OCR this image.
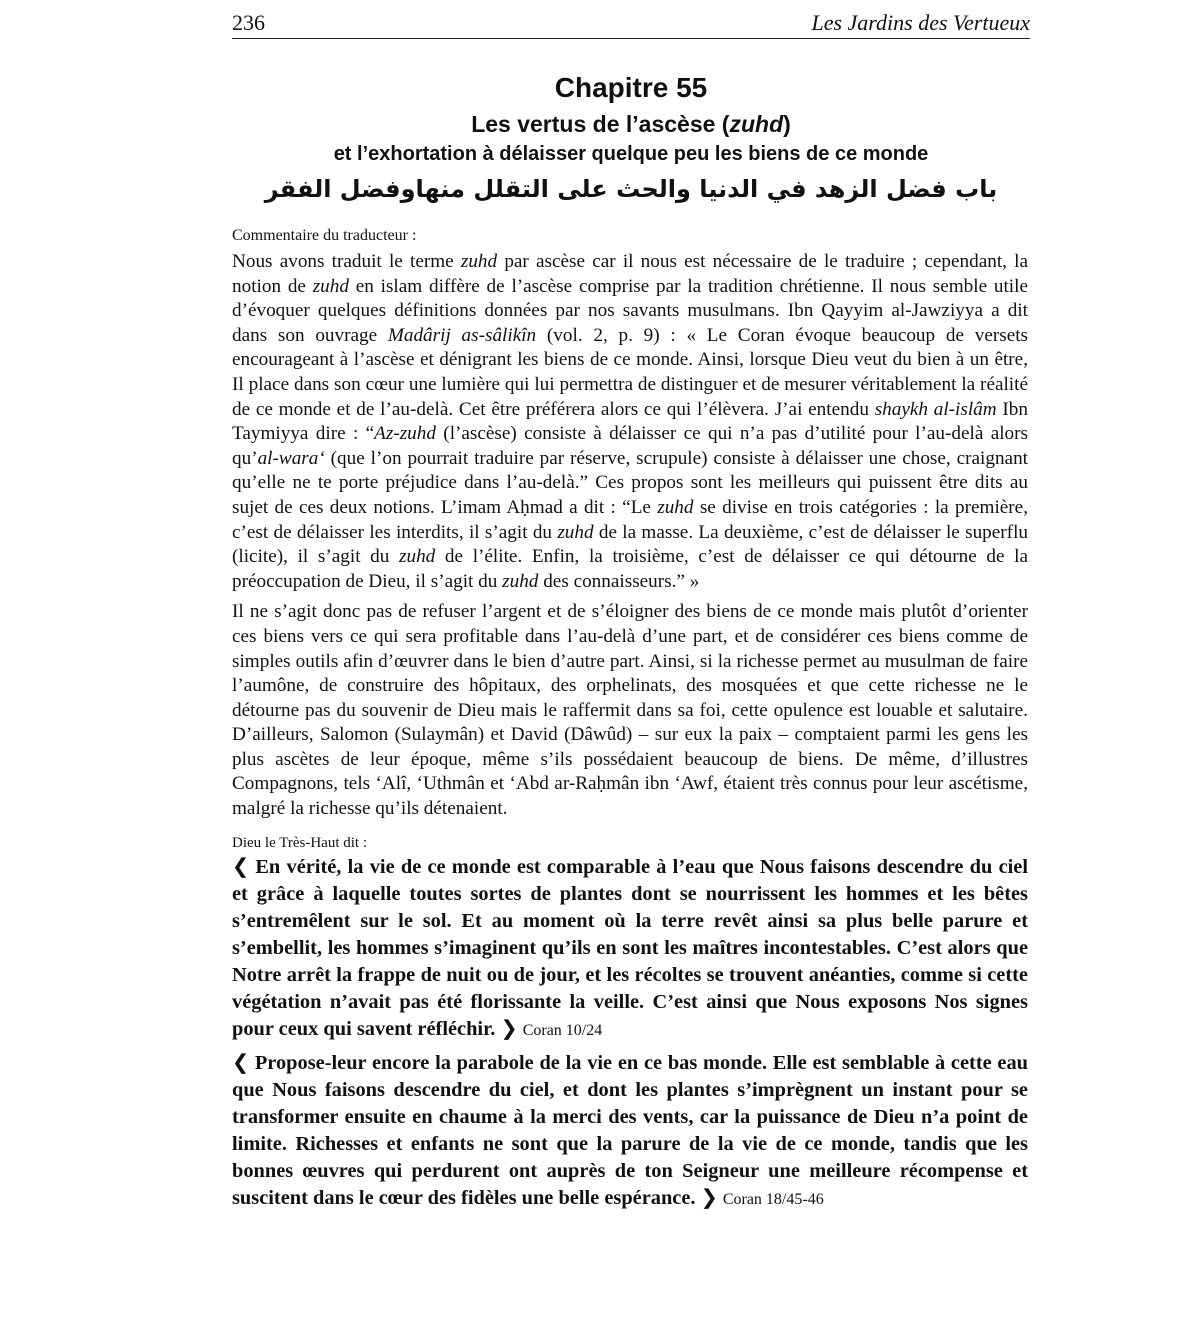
236	Les Jardins des Vertueux
Chapitre 55
Les vertus de l’ascèse (zuhd)
et l’exhortation à délaisser quelque peu les biens de ce monde
باب فضل الزهد في الدنيا والحث على التقلل منهاوفضل الفقر

Commentaire du traducteur :

Nous avons traduit le terme zuhd par ascèse car il nous est nécessaire de le traduire ; cependant, la notion de zuhd en islam diffère de l’ascèse comprise par la tradition chrétienne. Il nous semble utile d’évoquer quelques définitions données par nos savants musulmans. Ibn Qayyim al-Jawziyya a dit dans son ouvrage Madârij as-sâlikîn (vol. 2, p. 9) : « Le Coran évoque beaucoup de versets encourageant à l’ascèse et dénigrant les biens de ce monde. Ainsi, lorsque Dieu veut du bien à un être, Il place dans son cœur une lumière qui lui permettra de distinguer et de mesurer véritablement la réalité de ce monde et de l’au-delà. Cet être préférera alors ce qui l’élèvera. J’ai entendu shaykh al-islâm Ibn Taymiyya dire : “Az-zuhd (l’ascèse) consiste à délaisser ce qui n’a pas d’utilité pour l’au-delà alors qu’al-wara‘ (que l’on pourrait traduire par réserve, scrupule) consiste à délaisser une chose, craignant qu’elle ne te porte préjudice dans l’au-delà.” Ces propos sont les meilleurs qui puissent être dits au sujet de ces deux notions. L’imam Aḥmad a dit : “Le zuhd se divise en trois catégories : la première, c’est de délaisser les interdits, il s’agit du zuhd de la masse. La deuxième, c’est de délaisser le superflu (licite), il s’agit du zuhd de l’élite. Enfin, la troisième, c’est de délaisser ce qui détourne de la préoccupation de Dieu, il s’agit du zuhd des connaisseurs.” »

Il ne s’agit donc pas de refuser l’argent et de s’éloigner des biens de ce monde mais plutôt d’orienter ces biens vers ce qui sera profitable dans l’au-delà d’une part, et de considérer ces biens comme de simples outils afin d’œuvrer dans le bien d’autre part. Ainsi, si la richesse permet au musulman de faire l’aumône, de construire des hôpitaux, des orphelinats, des mosquées et que cette richesse ne le détourne pas du souvenir de Dieu mais le raffermit dans sa foi, cette opulence est louable et salutaire. D’ailleurs, Salomon (Sulaymân) et David (Dâwûd) – sur eux la paix – comptaient parmi les gens les plus ascètes de leur époque, même s’ils possédaient beaucoup de biens. De même, d’illustres Compagnons, tels ‘Alî, ‘Uthmân et ‘Abd ar-Raḥmân ibn ‘Awf, étaient très connus pour leur ascétisme, malgré la richesse qu’ils détenaient.

Dieu le Très-Haut dit :

❮ En vérité, la vie de ce monde est comparable à l’eau que Nous faisons descendre du ciel et grâce à laquelle toutes sortes de plantes dont se nourrissent les hommes et les bêtes s’entremêlent sur le sol. Et au moment où la terre revêt ainsi sa plus belle parure et s’embellit, les hommes s’imaginent qu’ils en sont les maîtres incontestables. C’est alors que Notre arrêt la frappe de nuit ou de jour, et les récoltes se trouvent anéanties, comme si cette végétation n’avait pas été florissante la veille. C’est ainsi que Nous exposons Nos signes pour ceux qui savent réfléchir. ❯ Coran 10/24

❮ Propose-leur encore la parabole de la vie en ce bas monde. Elle est semblable à cette eau que Nous faisons descendre du ciel, et dont les plantes s’imprègnent un instant pour se transformer ensuite en chaume à la merci des vents, car la puissance de Dieu n’a point de limite. Richesses et enfants ne sont que la parure de la vie de ce monde, tandis que les bonnes œuvres qui perdurent ont auprès de ton Seigneur une meilleure récompense et suscitent dans le cœur des fidèles une belle espérance. ❯ Coran 18/45-46
